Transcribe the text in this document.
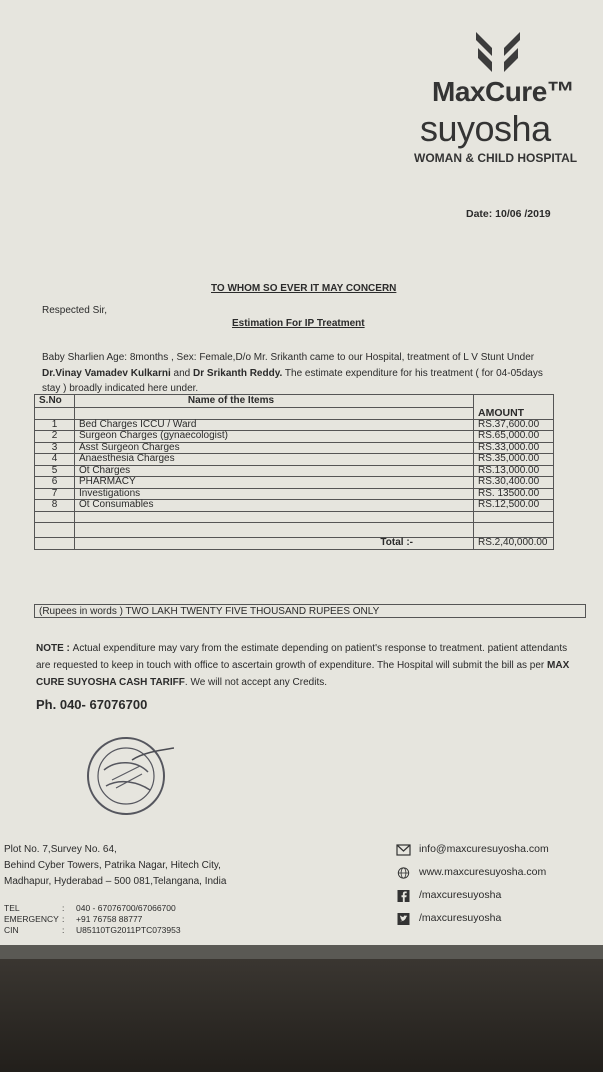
MaxCure™
suyosha
WOMAN & CHILD HOSPITAL
Date: 10/06 /2019
TO WHOM SO EVER IT MAY CONCERN
Respected Sir,
Estimation For IP Treatment
Baby Sharlien Age: 8months , Sex: Female,D/o Mr. Srikanth came to our Hospital, treatment of L V Stunt Under Dr.Vinay Vamadev Kulkarni and Dr Srikanth Reddy. The estimate expenditure for his treatment ( for 04-05days stay ) broadly indicated here under.
S.No	Name of the Items	
		AMOUNT
1	Bed Charges ICCU / Ward	RS.37,600.00
2	Surgeon Charges (gynaecologist)	RS.65,000.00
3	Asst Surgeon Charges	RS.33,000.00
4	Anaesthesia Charges	RS.35,000.00
5	Ot Charges	RS.13,000.00
6	PHARMACY	RS.30,400.00
7	Investigations	RS. 13500.00
8	Ot Consumables	RS.12,500.00

	Total :-	RS.2,40,000.00
(Rupees in words ) TWO LAKH TWENTY FIVE THOUSAND RUPEES ONLY
NOTE : Actual expenditure may vary from the estimate depending on patient's response to treatment. patient attendants are requested to keep in touch with office to ascertain growth of expenditure. The Hospital will submit the bill as per MAX CURE SUYOSHA CASH TARIFF. We will not accept any Credits.
Ph. 040- 67076700
Plot No. 7,Survey No. 64,
Behind Cyber Towers, Patrika Nagar, Hitech City,
Madhapur, Hyderabad – 500 081,Telangana, India
TEL	: 040 - 67076700/67066700
EMERGENCY : +91 76758 88777
CIN	: U85110TG2011PTC073953
info@maxcuresuyosha.com
www.maxcuresuyosha.com
/maxcuresuyosha
/maxcuresuyosha
